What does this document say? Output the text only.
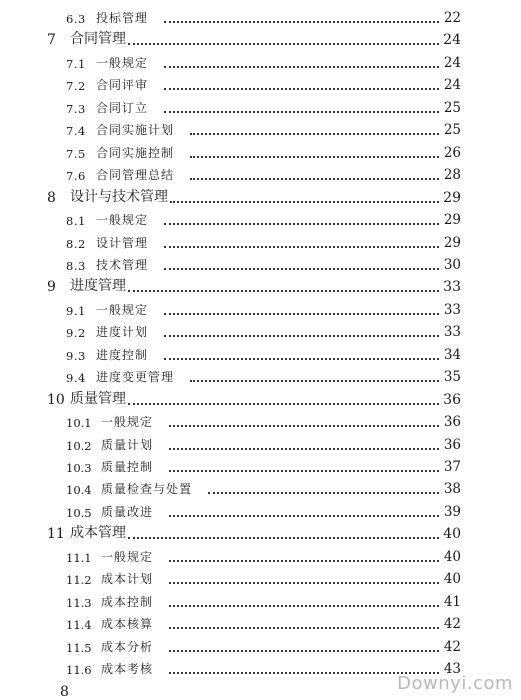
6.3 投标管理	22
7 合同管理	24
7.1 一般规定	24
7.2 合同评审	24
7.3 合同订立	25
7.4 合同实施计划	25
7.5 合同实施控制	26
7.6 合同管理总结	28
8 设计与技术管理	29
8.1 一般规定	29
8.2 设计管理	29
8.3 技术管理	30
9 进度管理	33
9.1 一般规定	33
9.2 进度计划	33
9.3 进度控制	34
9.4 进度变更管理	35
10 质量管理	36
10.1 一般规定	36
10.2 质量计划	36
10.3 质量控制	37
10.4 质量检查与处置	38
10.5 质量改进	39
11 成本管理	40
11.1 一般规定	40
11.2 成本计划	40
11.3 成本控制	41
11.4 成本核算	42
11.5 成本分析	42
11.6 成本考核	43
8	Downyi.com
